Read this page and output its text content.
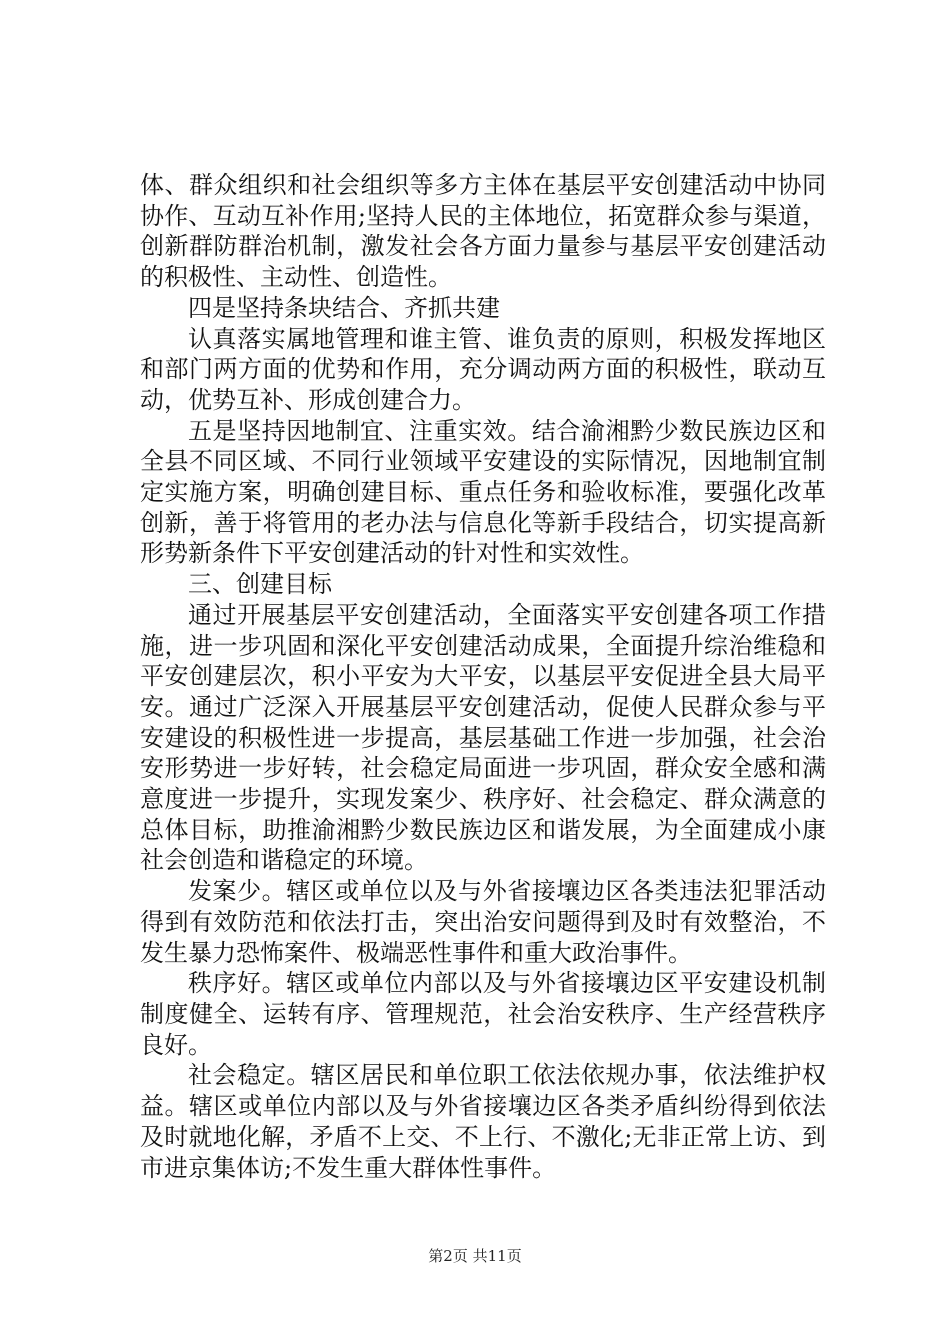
体、群众组织和社会组织等多方主体在基层平安创建活动中协同协作、互动互补作用;坚持人民的主体地位，拓宽群众参与渠道，创新群防群治机制，激发社会各方面力量参与基层平安创建活动的积极性、主动性、创造性。

四是坚持条块结合、齐抓共建

认真落实属地管理和谁主管、谁负责的原则，积极发挥地区和部门两方面的优势和作用，充分调动两方面的积极性，联动互动，优势互补、形成创建合力。

五是坚持因地制宜、注重实效。结合渝湘黔少数民族边区和全县不同区域、不同行业领域平安建设的实际情况，因地制宜制定实施方案，明确创建目标、重点任务和验收标准，要强化改革创新，善于将管用的老办法与信息化等新手段结合，切实提高新形势新条件下平安创建活动的针对性和实效性。

三、创建目标

通过开展基层平安创建活动，全面落实平安创建各项工作措施，进一步巩固和深化平安创建活动成果，全面提升综治维稳和平安创建层次，积小平安为大平安，以基层平安促进全县大局平安。通过广泛深入开展基层平安创建活动，促使人民群众参与平安建设的积极性进一步提高，基层基础工作进一步加强，社会治安形势进一步好转，社会稳定局面进一步巩固，群众安全感和满意度进一步提升，实现发案少、秩序好、社会稳定、群众满意的总体目标，助推渝湘黔少数民族边区和谐发展，为全面建成小康社会创造和谐稳定的环境。

发案少。辖区或单位以及与外省接壤边区各类违法犯罪活动得到有效防范和依法打击，突出治安问题得到及时有效整治，不发生暴力恐怖案件、极端恶性事件和重大政治事件。

秩序好。辖区或单位内部以及与外省接壤边区平安建设机制制度健全、运转有序、管理规范，社会治安秩序、生产经营秩序良好。

社会稳定。辖区居民和单位职工依法依规办事，依法维护权益。辖区或单位内部以及与外省接壤边区各类矛盾纠纷得到依法及时就地化解，矛盾不上交、不上行、不激化;无非正常上访、到市进京集体访;不发生重大群体性事件。

第2页 共11页
